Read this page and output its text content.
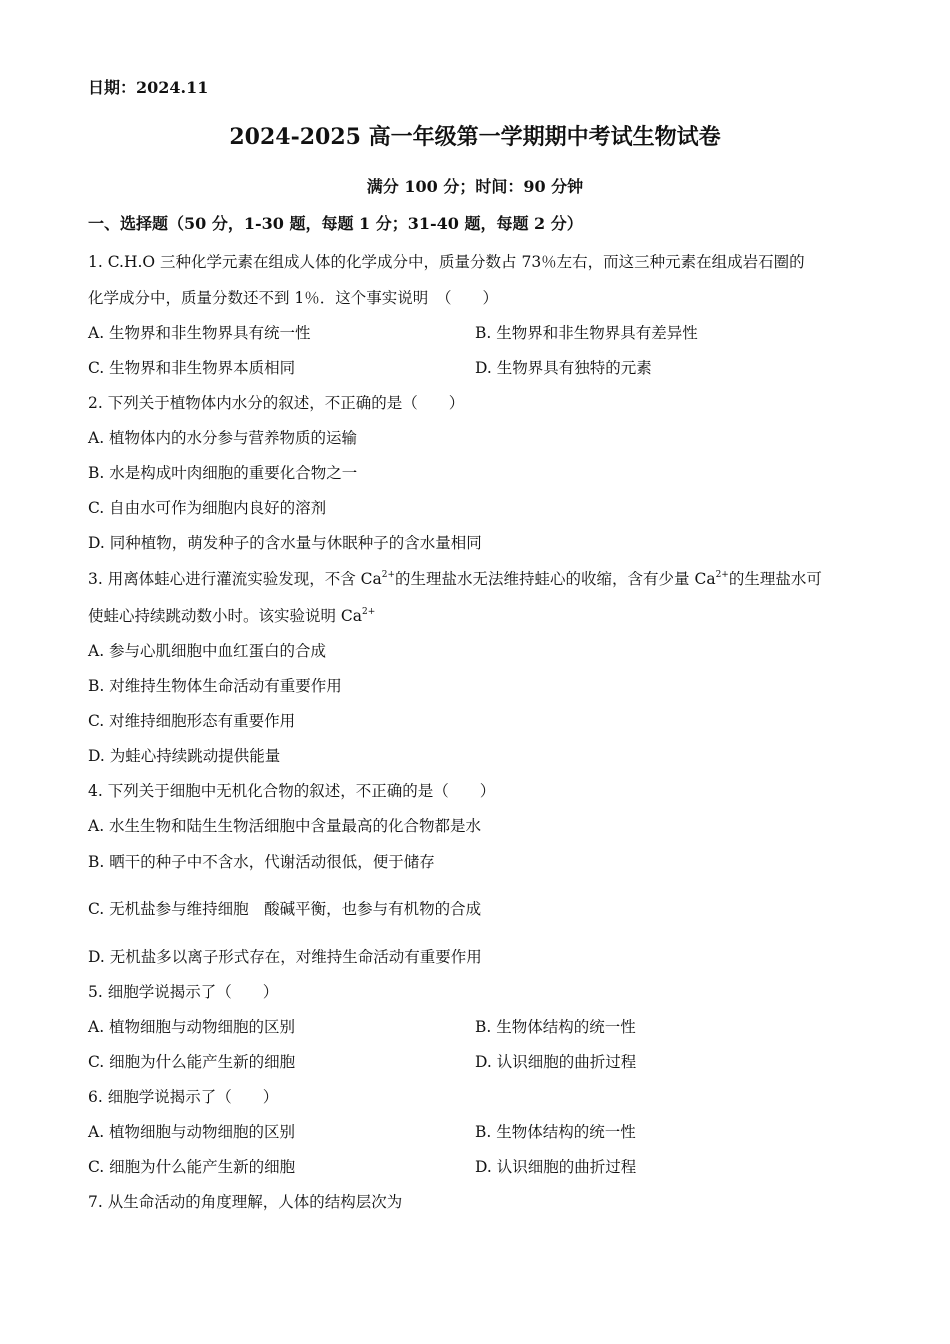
日期：2024.11
2024-2025 高一年级第一学期期中考试生物试卷
满分 100 分；时间：90 分钟
一、选择题（50 分，1-30 题，每题 1 分；31-40 题，每题 2 分）
1. C.H.O 三种化学元素在组成人体的化学成分中，质量分数占 73％左右，而这三种元素在组成岩石圈的
化学成分中，质量分数还不到 1％．这个事实说明　（　　）
A. 生物界和非生物界具有统一性	B. 生物界和非生物界具有差异性
C. 生物界和非生物界本质相同	D. 生物界具有独特的元素
2. 下列关于植物体内水分的叙述，不正确的是（　　）
A. 植物体内的水分参与营养物质的运输
B. 水是构成叶肉细胞的重要化合物之一
C. 自由水可作为细胞内良好的溶剂
D. 同种植物，萌发种子的含水量与休眠种子的含水量相同
3. 用离体蛙心进行灌流实验发现，不含 $Ca^{2+}$的生理盐水无法维持蛙心的收缩，含有少量 $Ca^{2+}$的生理盐水可
使蛙心持续跳动数小时。该实验说明 $Ca^{2+}$
A. 参与心肌细胞中血红蛋白的合成
B. 对维持生物体生命活动有重要作用
C. 对维持细胞形态有重要作用
D. 为蛙心持续跳动提供能量
4. 下列关于细胞中无机化合物的叙述，不正确的是（　　）
A. 水生生物和陆生生物活细胞中含量最高的化合物都是水
B. 晒干的种子中不含水，代谢活动很低，便于储存
C. 无机盐参与维持细胞　酸碱平衡，也参与有机物的合成
D. 无机盐多以离子形式存在，对维持生命活动有重要作用
5. 细胞学说揭示了（　　）
A. 植物细胞与动物细胞的区别	B. 生物体结构的统一性
C. 细胞为什么能产生新的细胞	D. 认识细胞的曲折过程
6. 细胞学说揭示了（　　）
A. 植物细胞与动物细胞的区别	B. 生物体结构的统一性
C. 细胞为什么能产生新的细胞	D. 认识细胞的曲折过程
7. 从生命活动的角度理解，人体的结构层次为
